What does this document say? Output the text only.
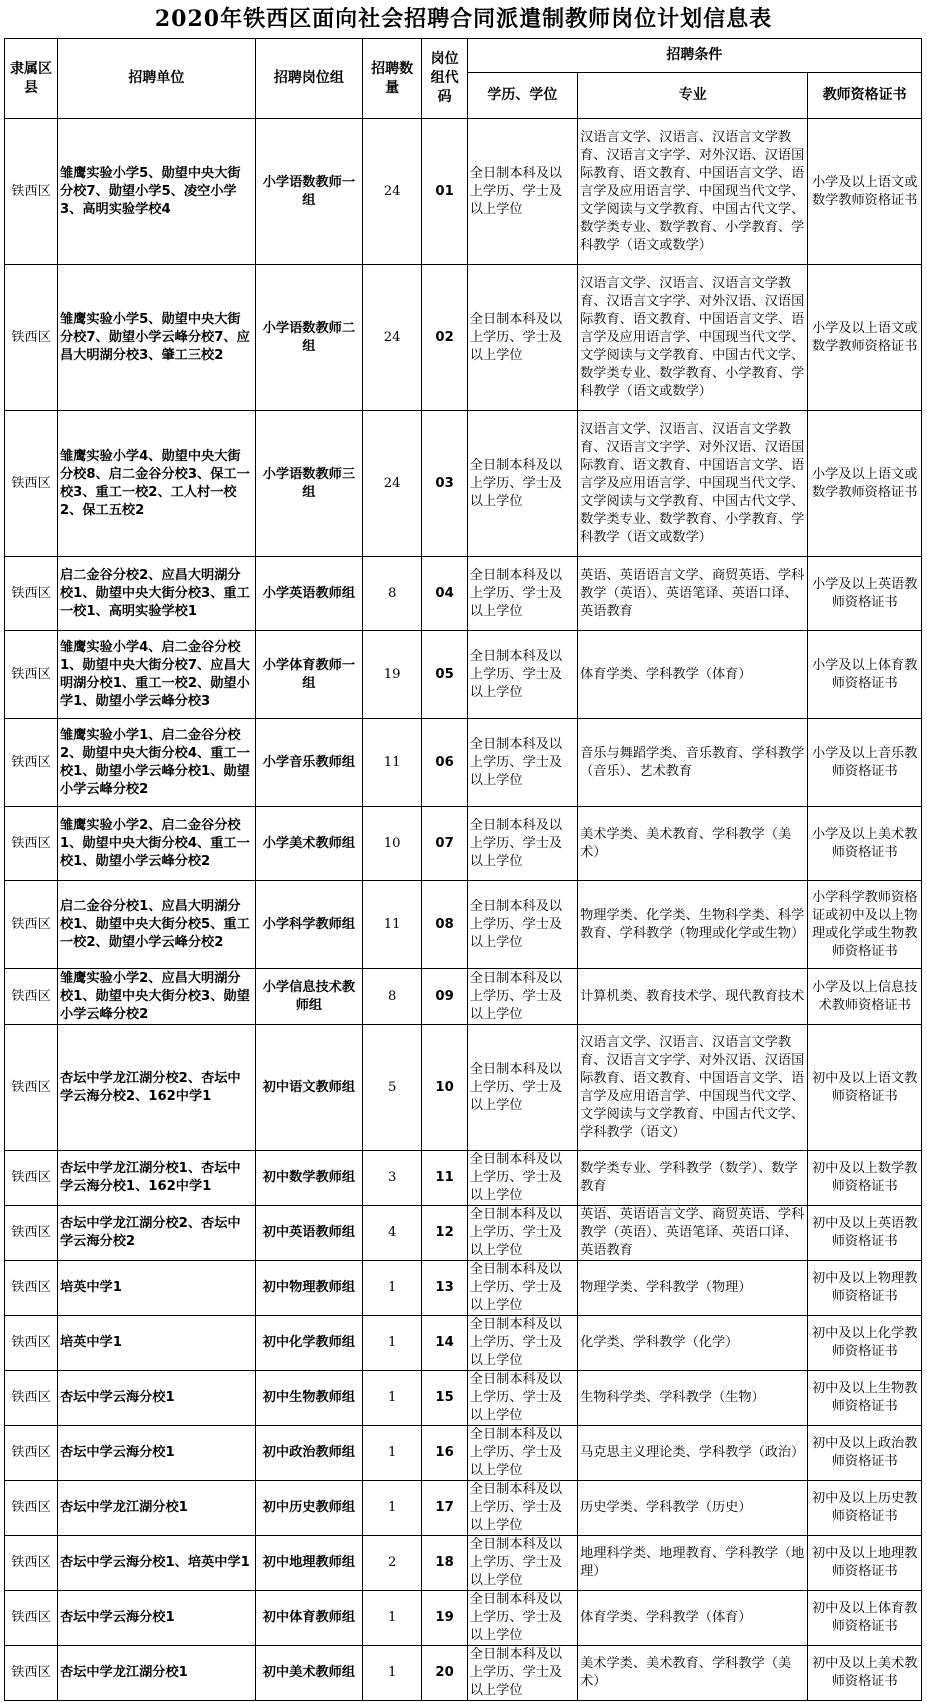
2020年铁西区面向社会招聘合同派遣制教师岗位计划信息表
隶属区县	招聘单位	招聘岗位组	招聘数量	岗位组代码	招聘条件		
					学历、学位	专业	教师资格证书
铁西区	雏鹰实验小学5、勋望中央大街分校7、勋望小学5、凌空小学3、高明实验学校4	小学语数教师一组	24	01	全日制本科及以上学历、学士及以上学位	汉语言文学、汉语言、汉语言文学教育、汉语言文字学、对外汉语、汉语国际教育、语文教育、中国语言文学、语言学及应用语言学、中国现当代文学、文学阅读与文学教育、中国古代文学、数学类专业、数学教育、小学教育、学科教学（语文或数学）	小学及以上语文或数学教师资格证书
铁西区	雏鹰实验小学5、勋望中央大街分校7、勋望小学云峰分校7、应昌大明湖分校3、肇工三校2	小学语数教师二组	24	02	全日制本科及以上学历、学士及以上学位	汉语言文学、汉语言、汉语言文学教育、汉语言文字学、对外汉语、汉语国际教育、语文教育、中国语言文学、语言学及应用语言学、中国现当代文学、文学阅读与文学教育、中国古代文学、数学类专业、数学教育、小学教育、学科教学（语文或数学）	小学及以上语文或数学教师资格证书
铁西区	雏鹰实验小学4、勋望中央大街分校8、启二金谷分校3、保工一校3、重工一校2、工人村一校2、保工五校2	小学语数教师三组	24	03	全日制本科及以上学历、学士及以上学位	汉语言文学、汉语言、汉语言文学教育、汉语言文字学、对外汉语、汉语国际教育、语文教育、中国语言文学、语言学及应用语言学、中国现当代文学、文学阅读与文学教育、中国古代文学、数学类专业、数学教育、小学教育、学科教学（语文或数学）	小学及以上语文或数学教师资格证书
铁西区	启二金谷分校2、应昌大明湖分校1、勋望中央大街分校3、重工一校1、高明实验学校1	小学英语教师组	8	04	全日制本科及以上学历、学士及以上学位	英语、英语语言文学、商贸英语、学科教学（英语）、英语笔译、英语口译、英语教育	小学及以上英语教师资格证书
铁西区	雏鹰实验小学4、启二金谷分校1、勋望中央大街分校7、应昌大明湖分校1、重工一校2、勋望小学1、勋望小学云峰分校3	小学体育教师一组	19	05	全日制本科及以上学历、学士及以上学位	体育学类、学科教学（体育）	小学及以上体育教师资格证书
铁西区	雏鹰实验小学1、启二金谷分校2、勋望中央大街分校4、重工一校1、勋望小学云峰分校1、勋望小学云峰分校2	小学音乐教师组	11	06	全日制本科及以上学历、学士及以上学位	音乐与舞蹈学类、音乐教育、学科教学（音乐）、艺术教育	小学及以上音乐教师资格证书
铁西区	雏鹰实验小学2、启二金谷分校1、勋望中央大街分校4、重工一校1、勋望小学云峰分校2	小学美术教师组	10	07	全日制本科及以上学历、学士及以上学位	美术学类、美术教育、学科教学（美术）	小学及以上美术教师资格证书
铁西区	启二金谷分校1、应昌大明湖分校1、勋望中央大街分校5、重工一校2、勋望小学云峰分校2	小学科学教师组	11	08	全日制本科及以上学历、学士及以上学位	物理学类、化学类、生物科学类、科学教育、学科教学（物理或化学或生物）	小学科学教师资格证或初中及以上物理或化学或生物教师资格证书
铁西区	雏鹰实验小学2、应昌大明湖分校1、勋望中央大街分校3、勋望小学云峰分校2	小学信息技术教师组	8	09	全日制本科及以上学历、学士及以上学位	计算机类、教育技术学、现代教育技术	小学及以上信息技术教师资格证书
铁西区	杏坛中学龙江湖分校2、杏坛中学云海分校2、162中学1	初中语文教师组	5	10	全日制本科及以上学历、学士及以上学位	汉语言文学、汉语言、汉语言文学教育、汉语言文字学、对外汉语、汉语国际教育、语文教育、中国语言文学、语言学及应用语言学、中国现当代文学、文学阅读与文学教育、中国古代文学、学科教学（语文）	初中及以上语文教师资格证书
铁西区	杏坛中学龙江湖分校1、杏坛中学云海分校1、162中学1	初中数学教师组	3	11	全日制本科及以上学历、学士及以上学位	数学类专业、学科教学（数学）、数学教育	初中及以上数学教师资格证书
铁西区	杏坛中学龙江湖分校2、杏坛中学云海分校2	初中英语教师组	4	12	全日制本科及以上学历、学士及以上学位	英语、英语语言文学、商贸英语、学科教学（英语）、英语笔译、英语口译、英语教育	初中及以上英语教师资格证书
铁西区	培英中学1	初中物理教师组	1	13	全日制本科及以上学历、学士及以上学位	物理学类、学科教学（物理）	初中及以上物理教师资格证书
铁西区	培英中学1	初中化学教师组	1	14	全日制本科及以上学历、学士及以上学位	化学类、学科教学（化学）	初中及以上化学教师资格证书
铁西区	杏坛中学云海分校1	初中生物教师组	1	15	全日制本科及以上学历、学士及以上学位	生物科学类、学科教学（生物）	初中及以上生物教师资格证书
铁西区	杏坛中学云海分校1	初中政治教师组	1	16	全日制本科及以上学历、学士及以上学位	马克思主义理论类、学科教学（政治）	初中及以上政治教师资格证书
铁西区	杏坛中学龙江湖分校1	初中历史教师组	1	17	全日制本科及以上学历、学士及以上学位	历史学类、学科教学（历史）	初中及以上历史教师资格证书
铁西区	杏坛中学云海分校1、培英中学1	初中地理教师组	2	18	全日制本科及以上学历、学士及以上学位	地理科学类、地理教育、学科教学（地理）	初中及以上地理教师资格证书
铁西区	杏坛中学云海分校1	初中体育教师组	1	19	全日制本科及以上学历、学士及以上学位	体育学类、学科教学（体育）	初中及以上体育教师资格证书
铁西区	杏坛中学龙江湖分校1	初中美术教师组	1	20	全日制本科及以上学历、学士及以上学位	美术学类、美术教育、学科教学（美术）	初中及以上美术教师资格证书
